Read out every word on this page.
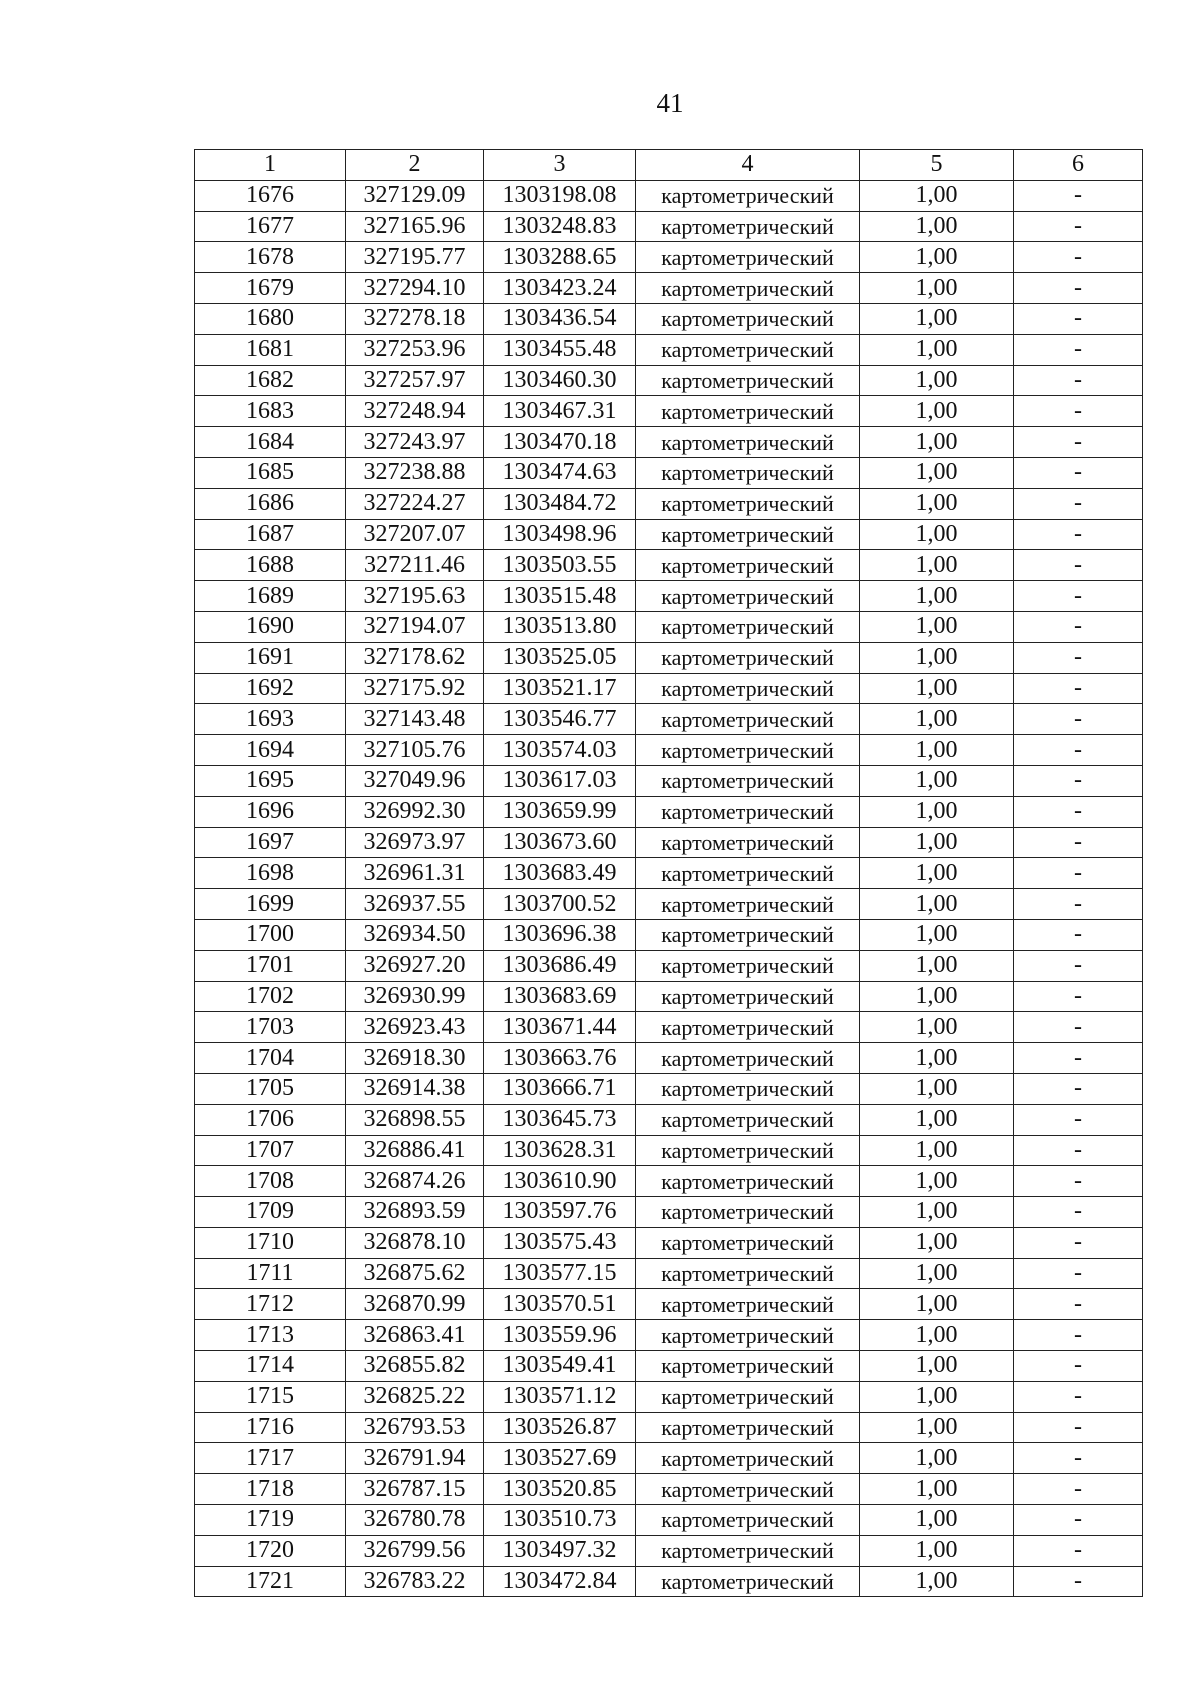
41
1	2	3	4	5	6
1676	327129.09	1303198.08	картометрический	1,00	-
1677	327165.96	1303248.83	картометрический	1,00	-
1678	327195.77	1303288.65	картометрический	1,00	-
1679	327294.10	1303423.24	картометрический	1,00	-
1680	327278.18	1303436.54	картометрический	1,00	-
1681	327253.96	1303455.48	картометрический	1,00	-
1682	327257.97	1303460.30	картометрический	1,00	-
1683	327248.94	1303467.31	картометрический	1,00	-
1684	327243.97	1303470.18	картометрический	1,00	-
1685	327238.88	1303474.63	картометрический	1,00	-
1686	327224.27	1303484.72	картометрический	1,00	-
1687	327207.07	1303498.96	картометрический	1,00	-
1688	327211.46	1303503.55	картометрический	1,00	-
1689	327195.63	1303515.48	картометрический	1,00	-
1690	327194.07	1303513.80	картометрический	1,00	-
1691	327178.62	1303525.05	картометрический	1,00	-
1692	327175.92	1303521.17	картометрический	1,00	-
1693	327143.48	1303546.77	картометрический	1,00	-
1694	327105.76	1303574.03	картометрический	1,00	-
1695	327049.96	1303617.03	картометрический	1,00	-
1696	326992.30	1303659.99	картометрический	1,00	-
1697	326973.97	1303673.60	картометрический	1,00	-
1698	326961.31	1303683.49	картометрический	1,00	-
1699	326937.55	1303700.52	картометрический	1,00	-
1700	326934.50	1303696.38	картометрический	1,00	-
1701	326927.20	1303686.49	картометрический	1,00	-
1702	326930.99	1303683.69	картометрический	1,00	-
1703	326923.43	1303671.44	картометрический	1,00	-
1704	326918.30	1303663.76	картометрический	1,00	-
1705	326914.38	1303666.71	картометрический	1,00	-
1706	326898.55	1303645.73	картометрический	1,00	-
1707	326886.41	1303628.31	картометрический	1,00	-
1708	326874.26	1303610.90	картометрический	1,00	-
1709	326893.59	1303597.76	картометрический	1,00	-
1710	326878.10	1303575.43	картометрический	1,00	-
1711	326875.62	1303577.15	картометрический	1,00	-
1712	326870.99	1303570.51	картометрический	1,00	-
1713	326863.41	1303559.96	картометрический	1,00	-
1714	326855.82	1303549.41	картометрический	1,00	-
1715	326825.22	1303571.12	картометрический	1,00	-
1716	326793.53	1303526.87	картометрический	1,00	-
1717	326791.94	1303527.69	картометрический	1,00	-
1718	326787.15	1303520.85	картометрический	1,00	-
1719	326780.78	1303510.73	картометрический	1,00	-
1720	326799.56	1303497.32	картометрический	1,00	-
1721	326783.22	1303472.84	картометрический	1,00	-
